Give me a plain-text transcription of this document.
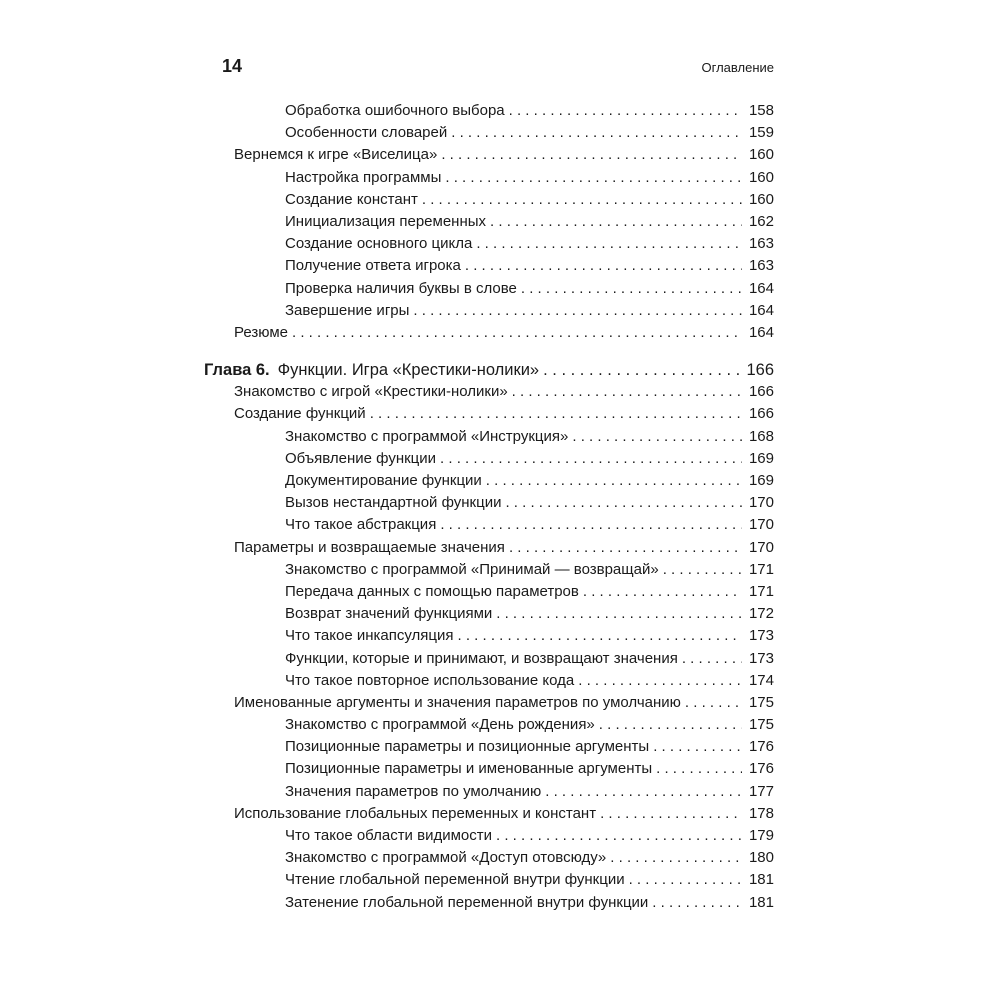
14	Оглавление
Обработка ошибочного выбора . . .	158
Особенности словарей . . .	159
Вернемся к игре «Виселица» . . .	160
Настройка программы . . .	160
Создание констант . . .	160
Инициализация переменных . . .	162
Создание основного цикла . . .	163
Получение ответа игрока . . .	163
Проверка наличия буквы в слове . . .	164
Завершение игры . . .	164
Резюме . . .	164
Глава 6. Функции. Игра «Крестики-нолики» . . .	166
Знакомство с игрой «Крестики-нолики» . . .	166
Создание функций . . .	166
Знакомство с программой «Инструкция» . . .	168
Объявление функции . . .	169
Документирование функции . . .	169
Вызов нестандартной функции . . .	170
Что такое абстракция . . .	170
Параметры и возвращаемые значения . . .	170
Знакомство с программой «Принимай — возвращай» . . .	171
Передача данных с помощью параметров . . .	171
Возврат значений функциями . . .	172
Что такое инкапсуляция . . .	173
Функции, которые и принимают, и возвращают значения . . .	173
Что такое повторное использование кода . . .	174
Именованные аргументы и значения параметров по умолчанию . . .	175
Знакомство с программой «День рождения» . . .	175
Позиционные параметры и позиционные аргументы . . .	176
Позиционные параметры и именованные аргументы . . .	176
Значения параметров по умолчанию . . .	177
Использование глобальных переменных и констант . . .	178
Что такое области видимости . . .	179
Знакомство с программой «Доступ отовсюду» . . .	180
Чтение глобальной переменной внутри функции . . .	181
Затенение глобальной переменной внутри функции . . .	181
